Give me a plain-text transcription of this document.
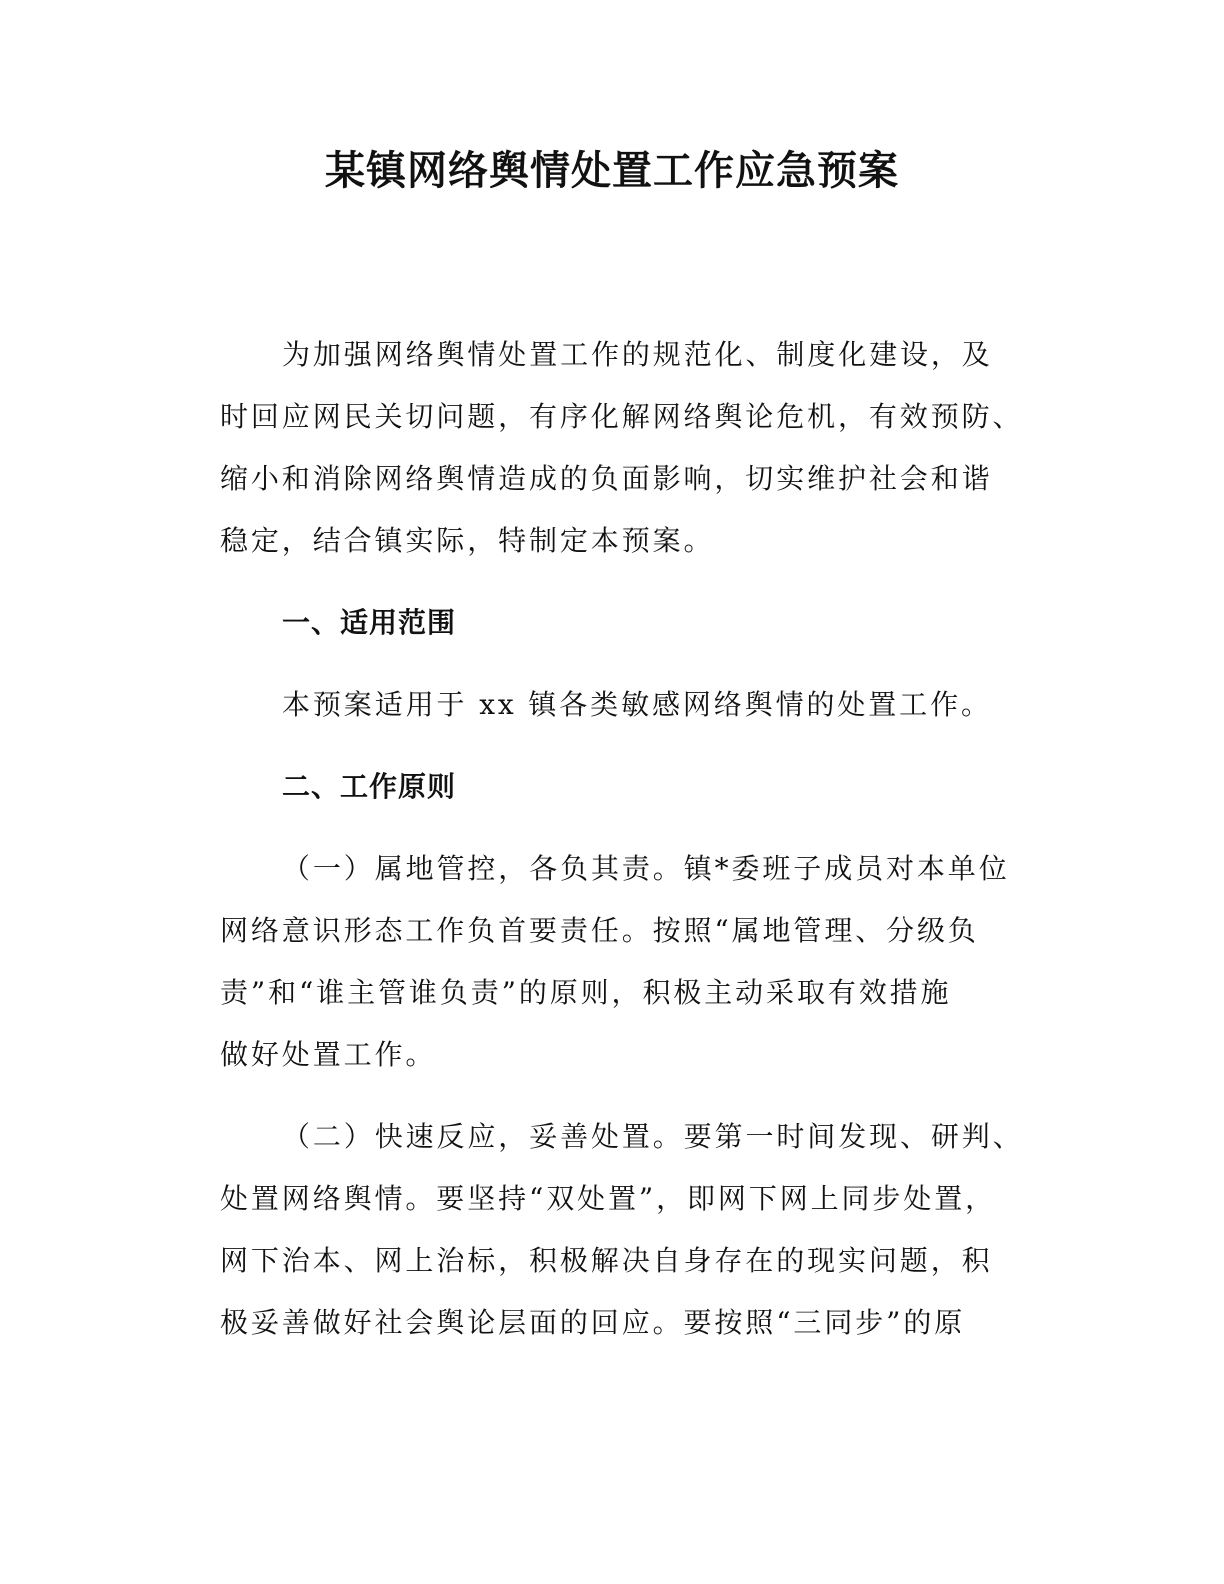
某镇网络舆情处置工作应急预案
为加强网络舆情处置工作的规范化、制度化建设，及
时回应网民关切问题，有序化解网络舆论危机，有效预防、
缩小和消除网络舆情造成的负面影响，切实维护社会和谐
稳定，结合镇实际，特制定本预案。
一、适用范围
本预案适用于 xx 镇各类敏感网络舆情的处置工作。
二、工作原则
（一）属地管控，各负其责。镇*委班子成员对本单位
网络意识形态工作负首要责任。按照“属地管理、分级负
责”和“谁主管谁负责”的原则，积极主动采取有效措施
做好处置工作。
（二）快速反应，妥善处置。要第一时间发现、研判、
处置网络舆情。要坚持“双处置”，即网下网上同步处置，
网下治本、网上治标，积极解决自身存在的现实问题，积
极妥善做好社会舆论层面的回应。要按照“三同步”的原
